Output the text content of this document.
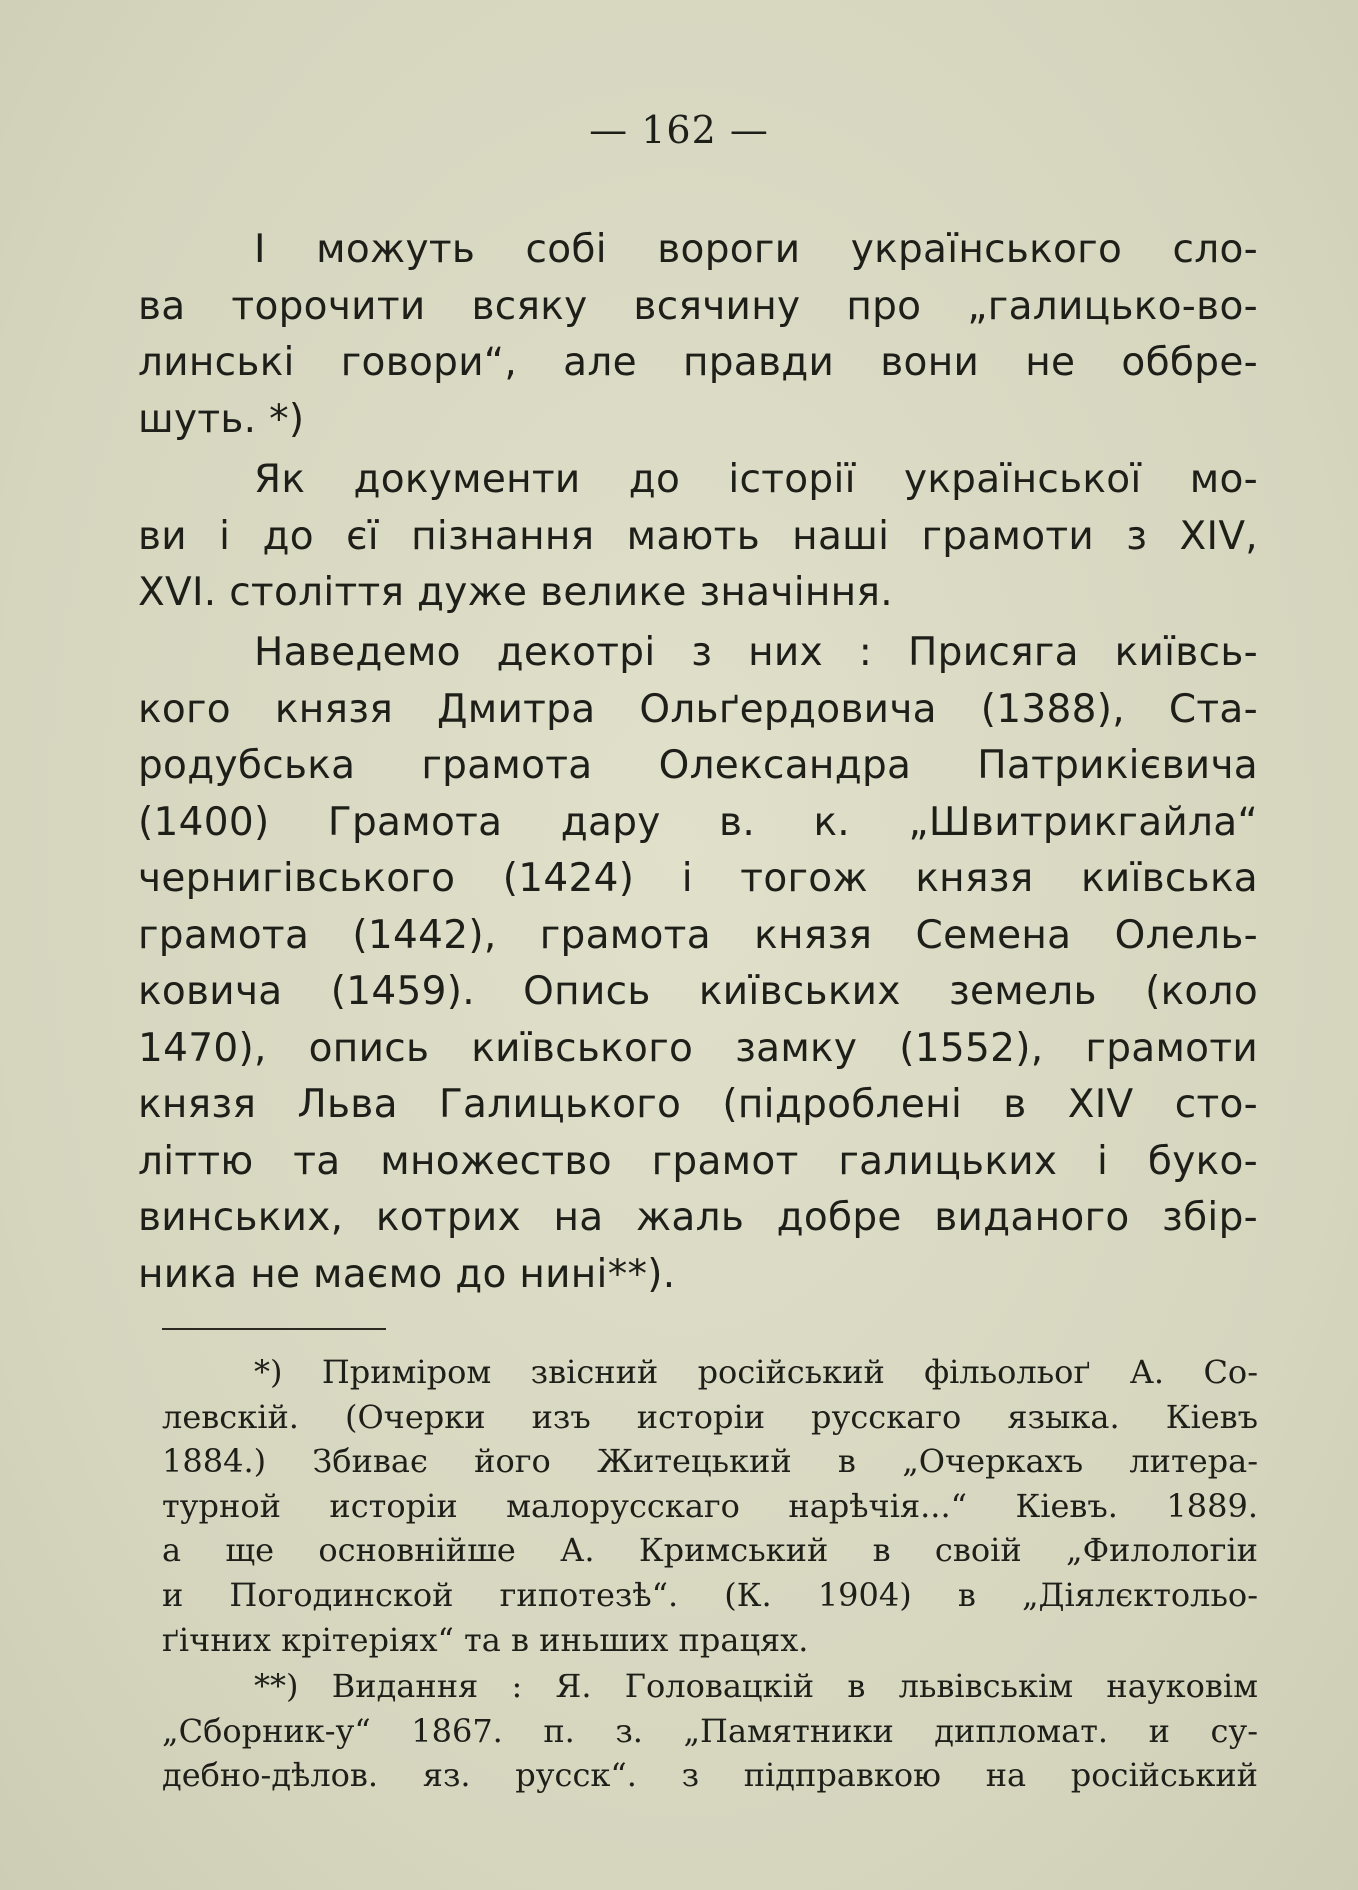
— 162 —
І можуть собі вороги українського сло-
ва торочити всяку всячину про „галицько-во-
линські говори“, але правди вони не оббре-
шуть. *)
Як документи до історії української мо-
ви і до єї пізнання мають наші грамоти з XIV,
XVI. століття дуже велике значіння.
Наведемо декотрі з них : Присяга київсь-
кого князя Дмитра Ольґердовича (1388), Ста-
родубська грамота Олександра Патрикієвича
(1400) Грамота дару в. к. „Швитрикгайла“
чернигівського (1424) і тогож князя київська
грамота (1442), грамота князя Семена Олель-
ковича (1459). Опись київських земель (коло
1470), опись київського замку (1552), грамоти
князя Льва Галицького (підроблені в XIV сто-
літтю та множество грамот галицьких і буко-
винських, котрих на жаль добре виданого збір-
ника не маємо до нині**).
*) Приміром звісний російський фільольоґ А. Со-
левскій. (Очерки изъ исторіи русскаго языка. Кіевъ
1884.) Збиває його Житецький в „Очеркахъ литера-
турной исторіи малорусскаго нарѣчія...“ Кіевъ. 1889.
а ще основнійше А. Кримський в своій „Филологіи
и Погодинской гипотезѣ“. (К. 1904) в „Діялєктольо-
ґічних крітеріях“ та в иньших працях.
**) Видання : Я. Головацкій в львівськім науковім
„Сборник-у“ 1867. п. з. „Памятники дипломат. и су-
дебно-дѣлов. яз. русск“. з підправкою на російський
